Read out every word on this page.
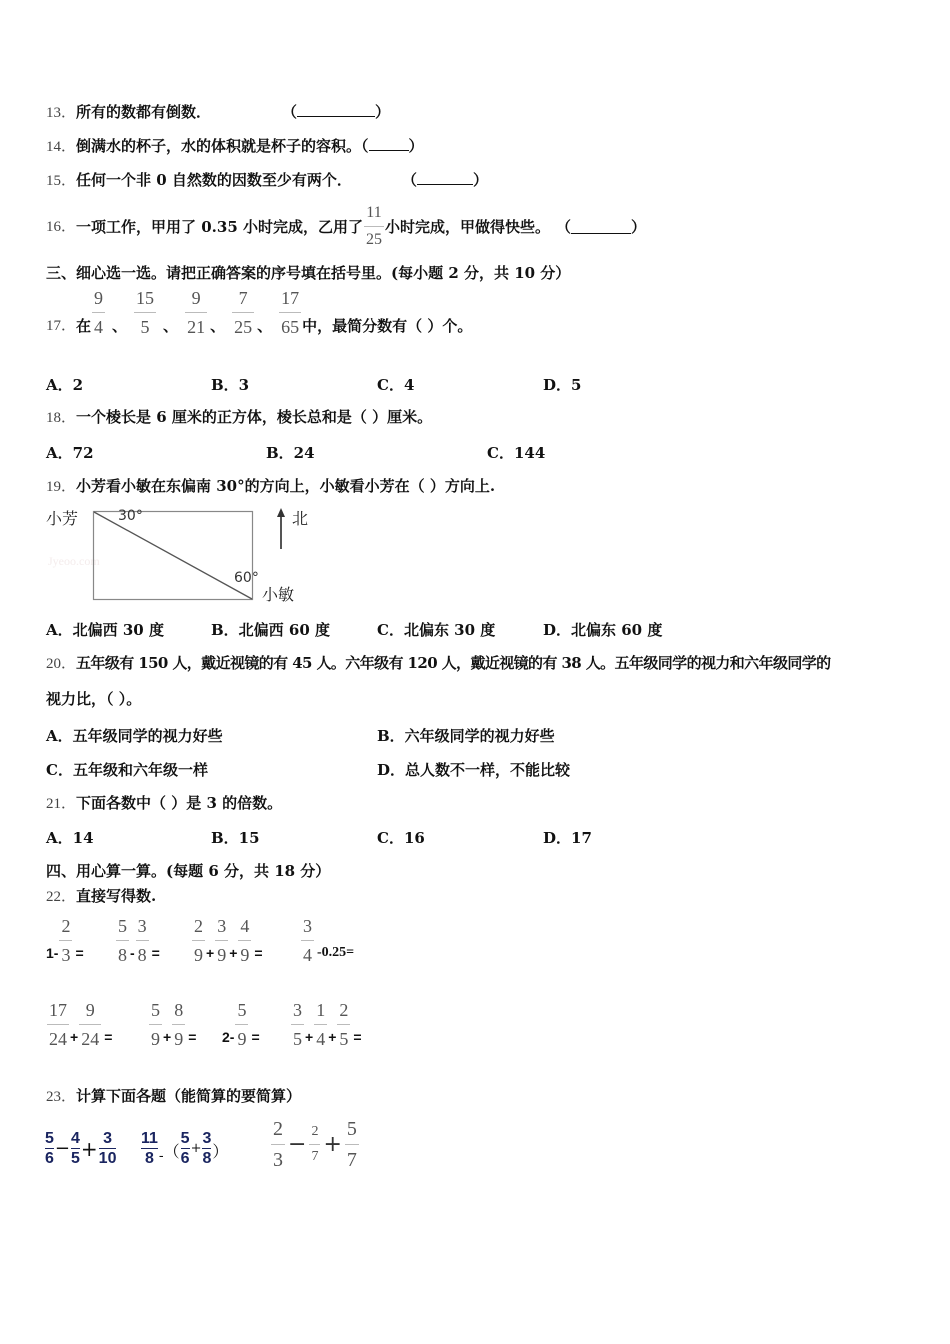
13．所有的数都有倒数．	（	）
14．倒满水的杯子，水的体积就是杯子的容积。（	）
15．任何一个非 0 自然数的因数至少有两个．	（	）
16． 一项工作，甲用了 0.35 小时完成，乙用了 $\frac{11}{25}$ 小时完成，甲做得快些。 （	）
三、细心选一选。请把正确答案的序号填在括号里。(每小题 2 分，共 10 分）
17． 在 $\frac{9}{4}$ 、 $\frac{15}{5}$ 、 $\frac{9}{21}$ 、 $\frac{7}{25}$ 、 $\frac{17}{65}$ 中，最简分数有（ ）个。
A．2	B．3	C．4	D．5
18．一个棱长是 6 厘米的正方体，棱长总和是（ ）厘米。
A．72	B．24	C．144
19．小芳看小敏在东偏南 30°的方向上，小敏看小芳在（ ）方向上.
小芳
Jyeoo.com
30°
60°
北
小敏
A．北偏西 30 度	B．北偏西 60 度	C．北偏东 30 度	D．北偏东 60 度
20．五年级有 150 人，戴近视镜的有 45 人。六年级有 120 人，戴近视镜的有 38 人。五年级同学的视力和六年级同学的
视力比，（ ）。
A．五年级同学的视力好些	B．六年级同学的视力好些
C．五年级和六年级一样	D．总人数不一样，不能比较
21．下面各数中（ ）是 3 的倍数。
A．14	B．15	C．16	D．17
四、用心算一算。(每题 6 分，共 18 分）
22．直接写得数.
$1- \frac{2}{3} = \frac{5}{8} - \frac{3}{8} = \frac{2}{9} + \frac{3}{9} + \frac{4}{9} = \frac{3}{4} -0.25=$
$\frac{17}{24} + \frac{9}{24} = \frac{5}{9} + \frac{8}{9} = 2- \frac{5}{9} = \frac{3}{5} + \frac{1}{4} + \frac{2}{5}$ =
23．计算下面各题（能简算的要简算）
5
6 − 4
5 + 3
10
11
8 - （
5
6
+
3
8 ） $\frac{2}{3} - \frac{2}{7} + \frac{5}{7}$
